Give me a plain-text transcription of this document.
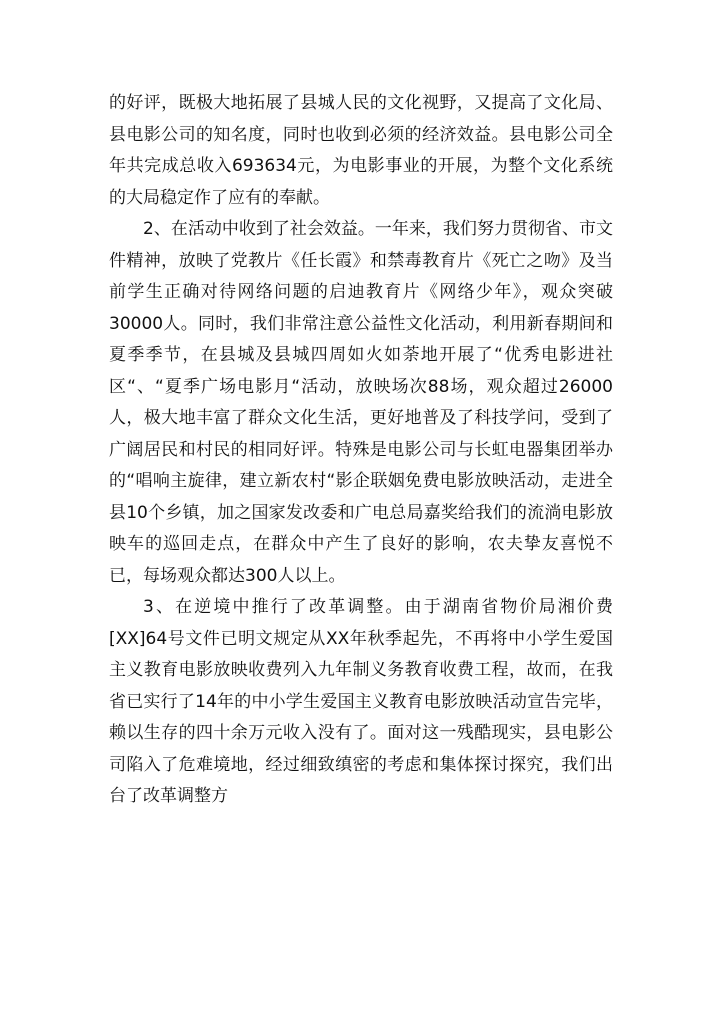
的好评，既极大地拓展了县城人民的文化视野，又提高了文化局、县电影公司的知名度，同时也收到必须的经济效益。县电影公司全年共完成总收入693634元，为电影事业的开展，为整个文化系统的大局稳定作了应有的奉献。

2、在活动中收到了社会效益。一年来，我们努力贯彻省、市文件精神，放映了党教片《任长霞》和禁毒教育片《死亡之吻》及当前学生正确对待网络问题的启迪教育片《网络少年》，观众突破30000人。同时，我们非常注意公益性文化活动，利用新春期间和夏季季节，在县城及县城四周如火如荼地开展了“优秀电影进社区“、“夏季广场电影月“活动，放映场次88场，观众超过26000人，极大地丰富了群众文化生活，更好地普及了科技学问，受到了广阔居民和村民的相同好评。特殊是电影公司与长虹电器集团举办的“唱响主旋律，建立新农村“影企联姻免费电影放映活动，走进全县10个乡镇，加之国家发改委和广电总局嘉奖给我们的流淌电影放映车的巡回走点，在群众中产生了良好的影响，农夫挚友喜悦不已，每场观众都达300人以上。

3、在逆境中推行了改革调整。由于湖南省物价局湘价费[XX]64号文件已明文规定从XX年秋季起先，不再将中小学生爱国主义教育电影放映收费列入九年制义务教育收费工程，故而，在我省已实行了14年的中小学生爱国主义教育电影放映活动宣告完毕，赖以生存的四十余万元收入没有了。面对这一残酷现实，县电影公司陷入了危难境地，经过细致缜密的考虑和集体探讨探究，我们出台了改革调整方
